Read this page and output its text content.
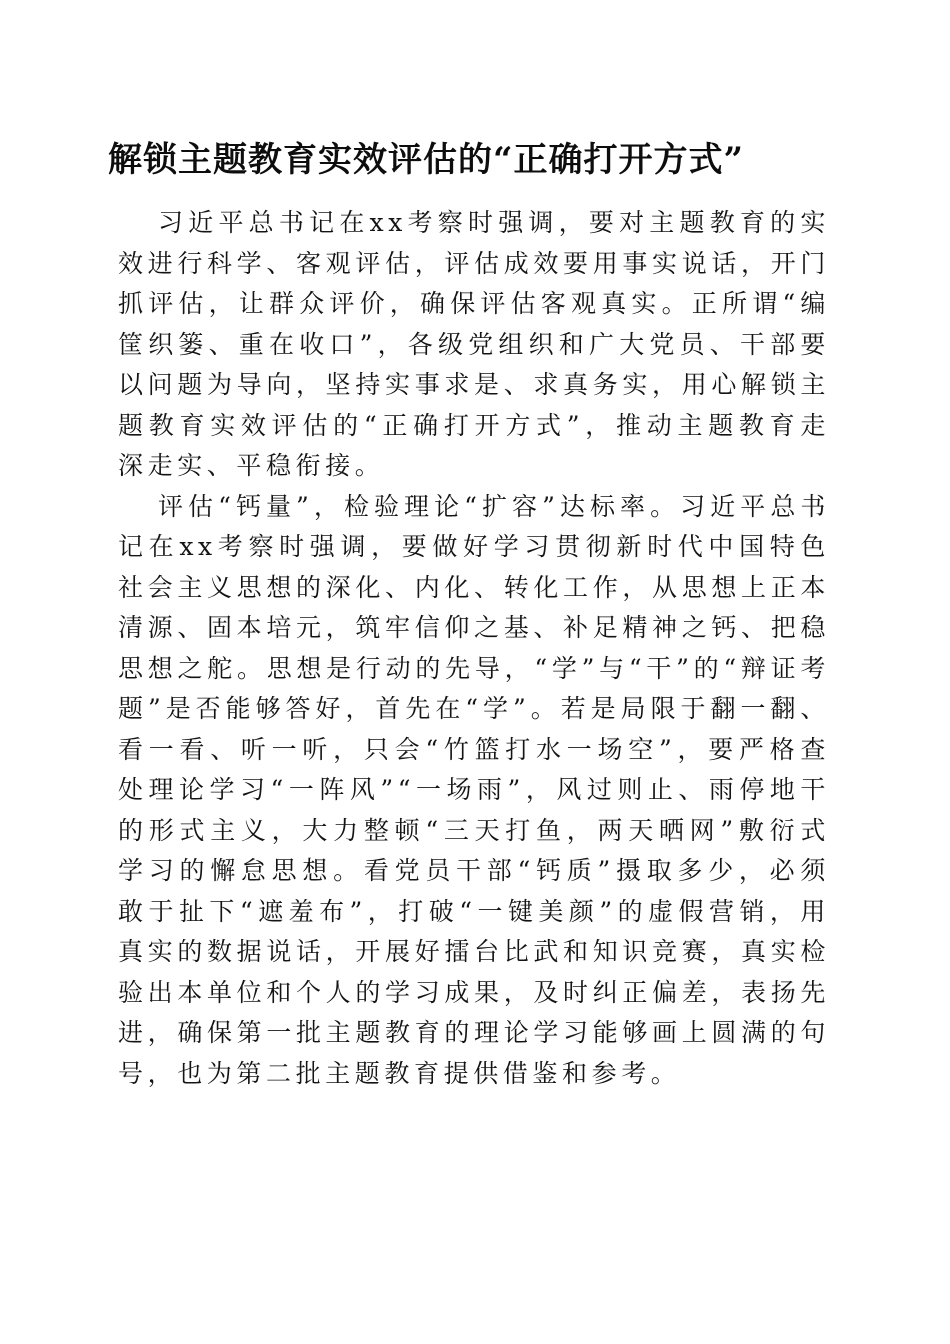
解锁主题教育实效评估的“正确打开方式”

习近平总书记在xx考察时强调，要对主题教育的实效进行科学、客观评估，评估成效要用事实说话，开门抓评估，让群众评价，确保评估客观真实。正所谓“编筐织篓、重在收口”，各级党组织和广大党员、干部要以问题为导向，坚持实事求是、求真务实，用心解锁主题教育实效评估的“正确打开方式”，推动主题教育走深走实、平稳衔接。

评估“钙量”，检验理论“扩容”达标率。习近平总书记在xx考察时强调，要做好学习贯彻新时代中国特色社会主义思想的深化、内化、转化工作，从思想上正本清源、固本培元，筑牢信仰之基、补足精神之钙、把稳思想之舵。思想是行动的先导，“学”与“干”的“辩证考题”是否能够答好，首先在“学”。若是局限于翻一翻、看一看、听一听，只会“竹篮打水一场空”，要严格查处理论学习“一阵风”“一场雨”，风过则止、雨停地干的形式主义，大力整顿“三天打鱼，两天晒网”敷衍式学习的懈怠思想。看党员干部“钙质”摄取多少，必须敢于扯下“遮羞布”，打破“一键美颜”的虚假营销，用真实的数据说话，开展好擂台比武和知识竞赛，真实检验出本单位和个人的学习成果，及时纠正偏差，表扬先进，确保第一批主题教育的理论学习能够画上圆满的句号，也为第二批主题教育提供借鉴和参考。
